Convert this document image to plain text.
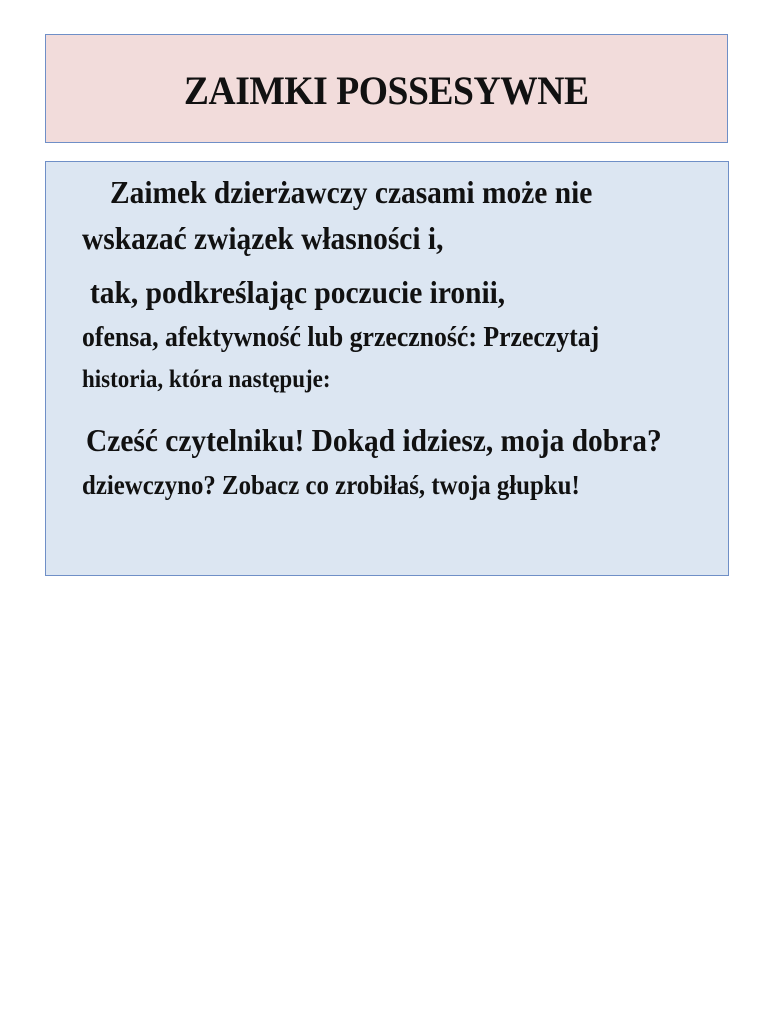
ZAIMKI POSSESYWNE
Zaimek dzierżawczy czasami może nie
wskazać związek własności i,
tak, podkreślając poczucie ironii,
ofensa, afektywność lub grzeczność: Przeczytaj
historia, która następuje:
Cześć czytelniku! Dokąd idziesz, moja dobra?
dziewczyno? Zobacz co zrobiłaś, twoja głupku!
